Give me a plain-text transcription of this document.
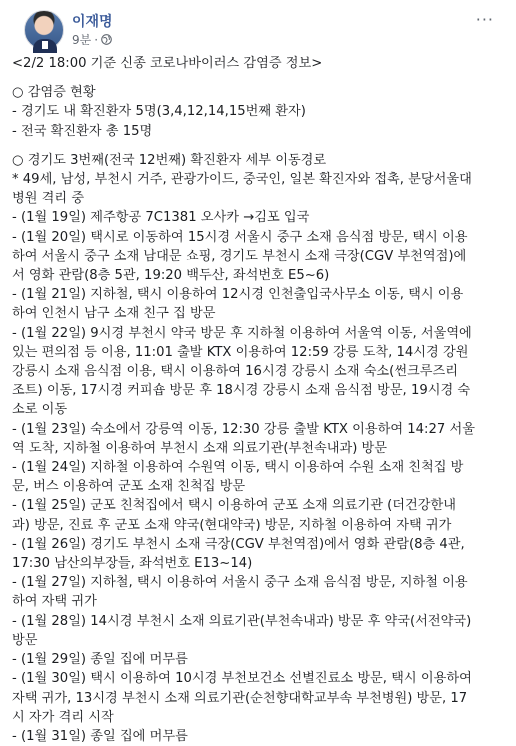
이재명
9분 ·
···

<2/2 18:00 기준 신종 코로나바이러스 감염증 정보>

○ 감염증 현황

- 경기도 내 확진환자 5명(3,4,12,14,15번째 환자)

- 전국 확진환자 총 15명

○ 경기도 3번째(전국 12번째) 확진환자 세부 이동경로

* 49세, 남성, 부천시 거주, 관광가이드, 중국인, 일본 확진자와 접촉, 분당서울대

병원 격리 중

- (1월 19일) 제주항공 7C1381 오사카 →김포 입국

- (1월 20일) 택시로 이동하여 15시경 서울시 중구 소재 음식점 방문, 택시 이용

하여 서울시 중구 소재 남대문 쇼핑, 경기도 부천시 소재 극장(CGV 부천역점)에

서 영화 관람(8층 5관, 19:20 백두산, 좌석번호 E5~6)

- (1월 21일) 지하철, 택시 이용하여 12시경 인천출입국사무소 이동, 택시 이용

하여 인천시 남구 소재 친구 집 방문

- (1월 22일) 9시경 부천시 약국 방문 후 지하철 이용하여 서울역 이동, 서울역에

있는 편의점 등 이용, 11:01 출발 KTX 이용하여 12:59 강릉 도착, 14시경 강원

강릉시 소재 음식점 이용, 택시 이용하여 16시경 강릉시 소재 숙소(썬크루즈리

조트) 이동, 17시경 커피숍 방문 후 18시경 강릉시 소재 음식점 방문, 19시경 숙

소로 이동

- (1월 23일) 숙소에서 강릉역 이동, 12:30 강릉 출발 KTX 이용하여 14:27 서울

역 도착, 지하철 이용하여 부천시 소재 의료기관(부천속내과) 방문

- (1월 24일) 지하철 이용하여 수원역 이동, 택시 이용하여 수원 소재 친척집 방

문, 버스 이용하여 군포 소재 친척집 방문

- (1월 25일) 군포 친척집에서 택시 이용하여 군포 소재 의료기관 (더건강한내

과) 방문, 진료 후 군포 소재 약국(현대약국) 방문, 지하철 이용하여 자택 귀가

- (1월 26일) 경기도 부천시 소재 극장(CGV 부천역점)에서 영화 관람(8층 4관,

17:30 남산의부장들, 좌석번호 E13~14)

- (1월 27일) 지하철, 택시 이용하여 서울시 중구 소재 음식점 방문, 지하철 이용

하여 자택 귀가

- (1월 28일) 14시경 부천시 소재 의료기관(부천속내과) 방문 후 약국(서전약국)

방문

- (1월 29일) 종일 집에 머무름

- (1월 30일) 택시 이용하여 10시경 부천보건소 선별진료소 방문, 택시 이용하여

자택 귀가, 13시경 부천시 소재 의료기관(순천향대학교부속 부천병원) 방문, 17

시 자가 격리 시작

- (1월 31일) 종일 집에 머무름
